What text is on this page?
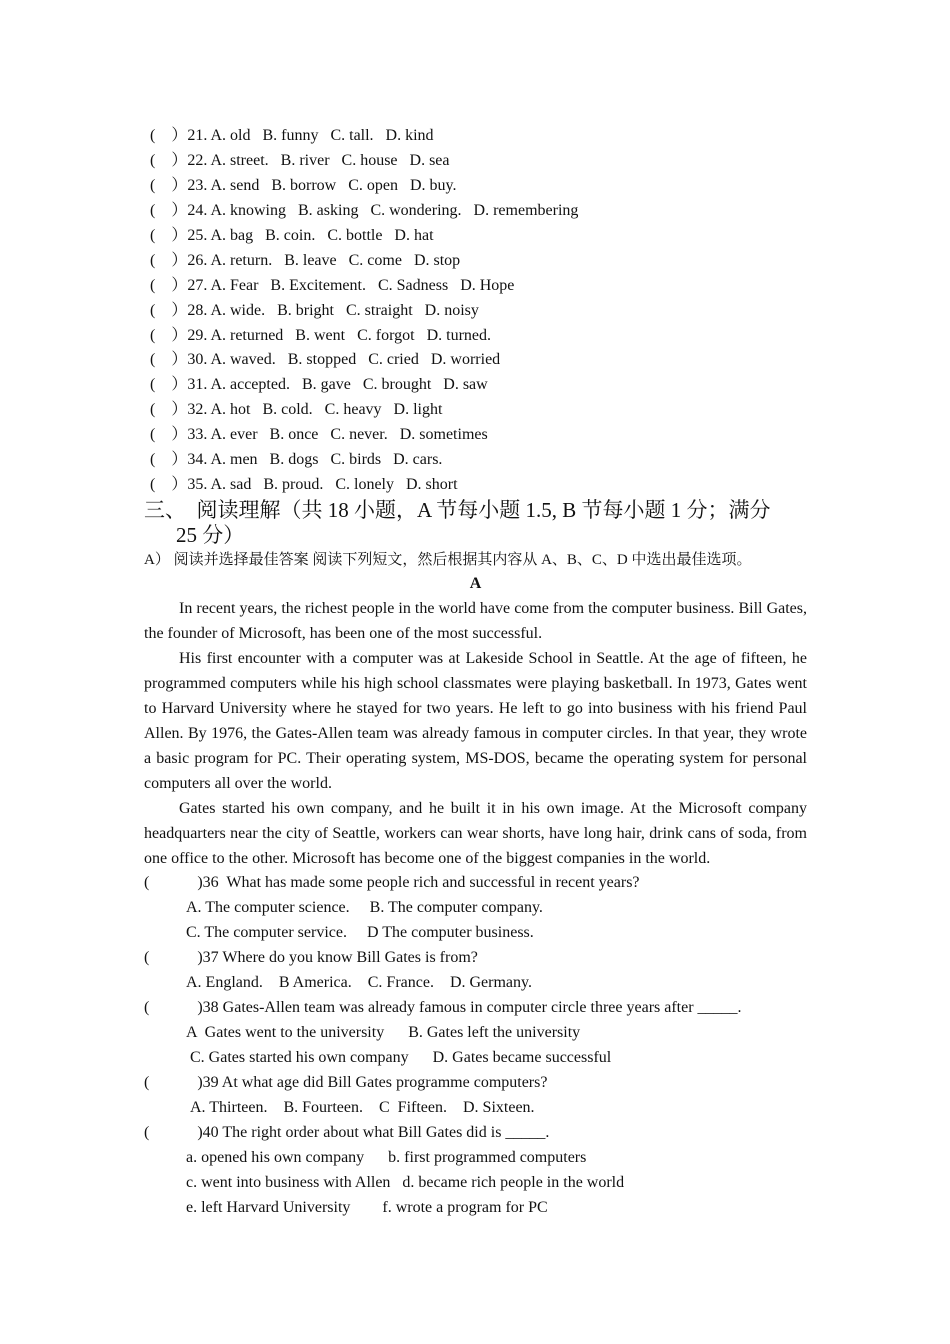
(　）21. A. old   B. funny   C. tall.   D. kind
(　）22. A. street.   B. river   C. house   D. sea
(　）23. A. send   B. borrow   C. open   D. buy.
(　）24. A. knowing   B. asking   C. wondering.   D. remembering
(　）25. A. bag   B. coin.   C. bottle   D. hat
(　）26. A. return.   B. leave   C. come   D. stop
(　）27. A. Fear   B. Excitement.   C. Sadness   D. Hope
(　）28. A. wide.   B. bright   C. straight   D. noisy
(　）29. A. returned   B. went   C. forgot   D. turned.
(　）30. A. waved.   B. stopped   C. cried   D. worried
(　）31. A. accepted.   B. gave   C. brought   D. saw
(　）32. A. hot   B. cold.   C. heavy   D. light
(　）33. A. ever   B. once   C. never.   D. sometimes
(　）34. A. men   B. dogs   C. birds   D. cars.
(　）35. A. sad   B. proud.   C. lonely   D. short
三、　阅读理解（共 18 小题，A 节每小题 1.5, B 节每小题 1 分；满分
25 分）
A） 阅读并选择最佳答案 阅读下列短文，然后根据其内容从 A、B、C、D 中选出最佳选项。
A
In recent years, the richest people in the world have come from the computer business. Bill Gates, the founder of Microsoft, has been one of the most successful.
His first encounter with a computer was at Lakeside School in Seattle. At the age of fifteen, he programmed computers while his high school classmates were playing basketball. In 1973, Gates went to Harvard University where he stayed for two years. He left to go into business with his friend Paul Allen. By 1976, the Gates-Allen team was already famous in computer circles. In that year, they wrote a basic program for PC. Their operating system, MS-DOS, became the operating system for personal computers all over the world.
Gates started his own company, and he built it in his own image. At the Microsoft company headquarters near the city of Seattle, workers can wear shorts, have long hair, drink cans of soda, from one office to the other. Microsoft has become one of the biggest companies in the world.
(　　　)36  What has made some people rich and successful in recent years?
A. The computer science.     B. The computer company.
C. The computer service.     D The computer business.
(　　　)37 Where do you know Bill Gates is from?
A. England.    B America.    C. France.    D. Germany.
(　　　)38 Gates-Allen team was already famous in computer circle three years after _____.
A  Gates went to the university      B. Gates left the university
C. Gates started his own company      D. Gates became successful
(　　　)39 At what age did Bill Gates programme computers?
A. Thirteen.    B. Fourteen.    C  Fifteen.    D. Sixteen.
(　　　)40 The right order about what Bill Gates did is _____.
a. opened his own company      b. first programmed computers
c. went into business with Allen   d. became rich people in the world
e. left Harvard University        f. wrote a program for PC
